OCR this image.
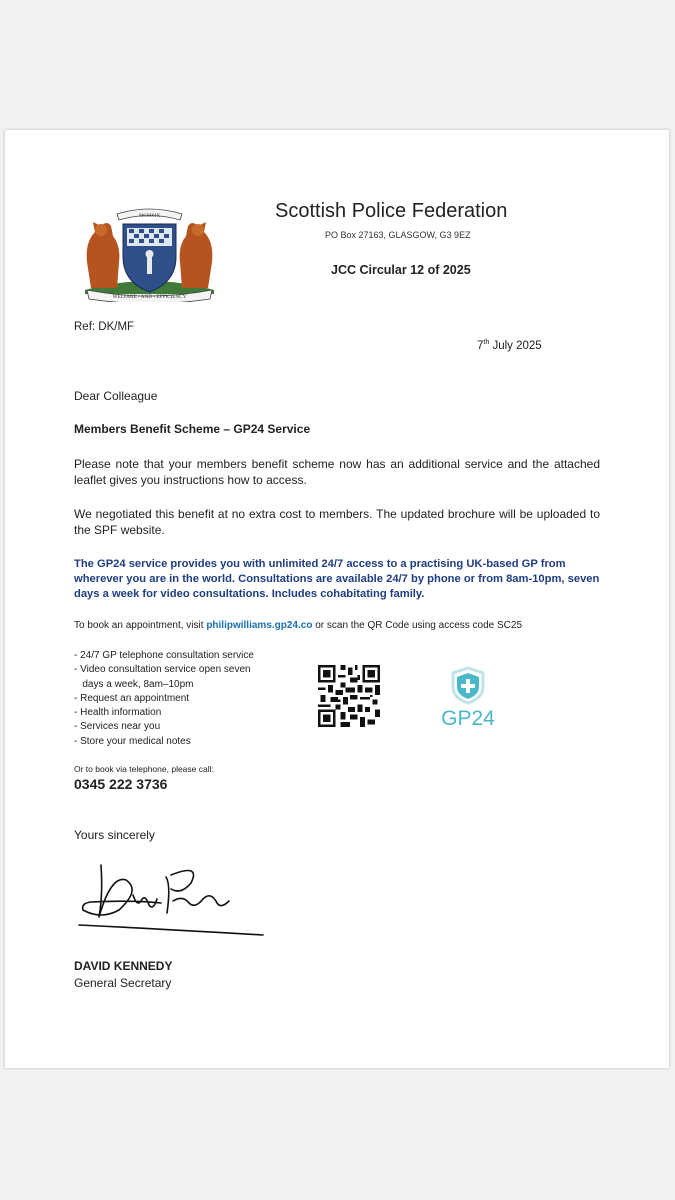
MCMXIX
WELFARE • AND • EFFICIENCY
Scottish Police Federation
PO Box 27163, GLASGOW, G3 9EZ
JCC Circular 12 of 2025
Ref: DK/MF
7th July 2025
Dear Colleague
Members Benefit Scheme – GP24 Service
Please note that your members benefit scheme now has an additional service and the attached leaflet gives you instructions how to access.
We negotiated this benefit at no extra cost to members. The updated brochure will be uploaded to the SPF website.
The GP24 service provides you with unlimited 24/7 access to a practising UK-based GP from wherever you are in the world. Consultations are available 24/7 by phone or from 8am-10pm, seven days a week for video consultations. Includes cohabitating family.
To book an appointment, visit philipwilliams.gp24.co or scan the QR Code using access code SC25
- 24/7 GP telephone consultation service
- Video consultation service open seven
days a week, 8am–10pm
- Request an appointment
- Health information
- Services near you
- Store your medical notes
GP24
Or to book via telephone, please call:
0345 222 3736
Yours sincerely
DAVID KENNEDY
General Secretary
